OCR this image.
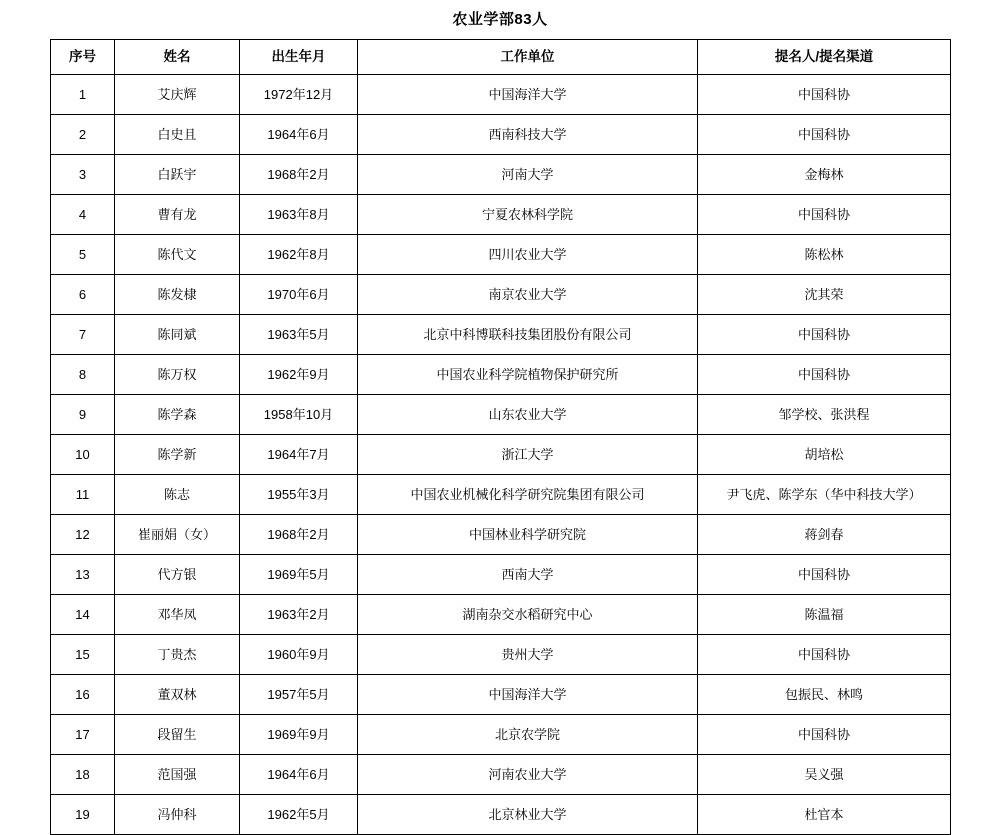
农业学部83人
序号	姓名	出生年月	工作单位	提名人/提名渠道
1	艾庆辉	1972年12月	中国海洋大学	中国科协
2	白史且	1964年6月	西南科技大学	中国科协
3	白跃宇	1968年2月	河南大学	金梅林
4	曹有龙	1963年8月	宁夏农林科学院	中国科协
5	陈代文	1962年8月	四川农业大学	陈松林
6	陈发棣	1970年6月	南京农业大学	沈其荣
7	陈同斌	1963年5月	北京中科博联科技集团股份有限公司	中国科协
8	陈万权	1962年9月	中国农业科学院植物保护研究所	中国科协
9	陈学森	1958年10月	山东农业大学	邹学校、张洪程
10	陈学新	1964年7月	浙江大学	胡培松
11	陈志	1955年3月	中国农业机械化科学研究院集团有限公司	尹飞虎、陈学东（华中科技大学）
12	崔丽娟（女）	1968年2月	中国林业科学研究院	蒋剑春
13	代方银	1969年5月	西南大学	中国科协
14	邓华凤	1963年2月	湖南杂交水稻研究中心	陈温福
15	丁贵杰	1960年9月	贵州大学	中国科协
16	董双林	1957年5月	中国海洋大学	包振民、林鸣
17	段留生	1969年9月	北京农学院	中国科协
18	范国强	1964年6月	河南农业大学	吴义强
19	冯仲科	1962年5月	北京林业大学	杜官本
